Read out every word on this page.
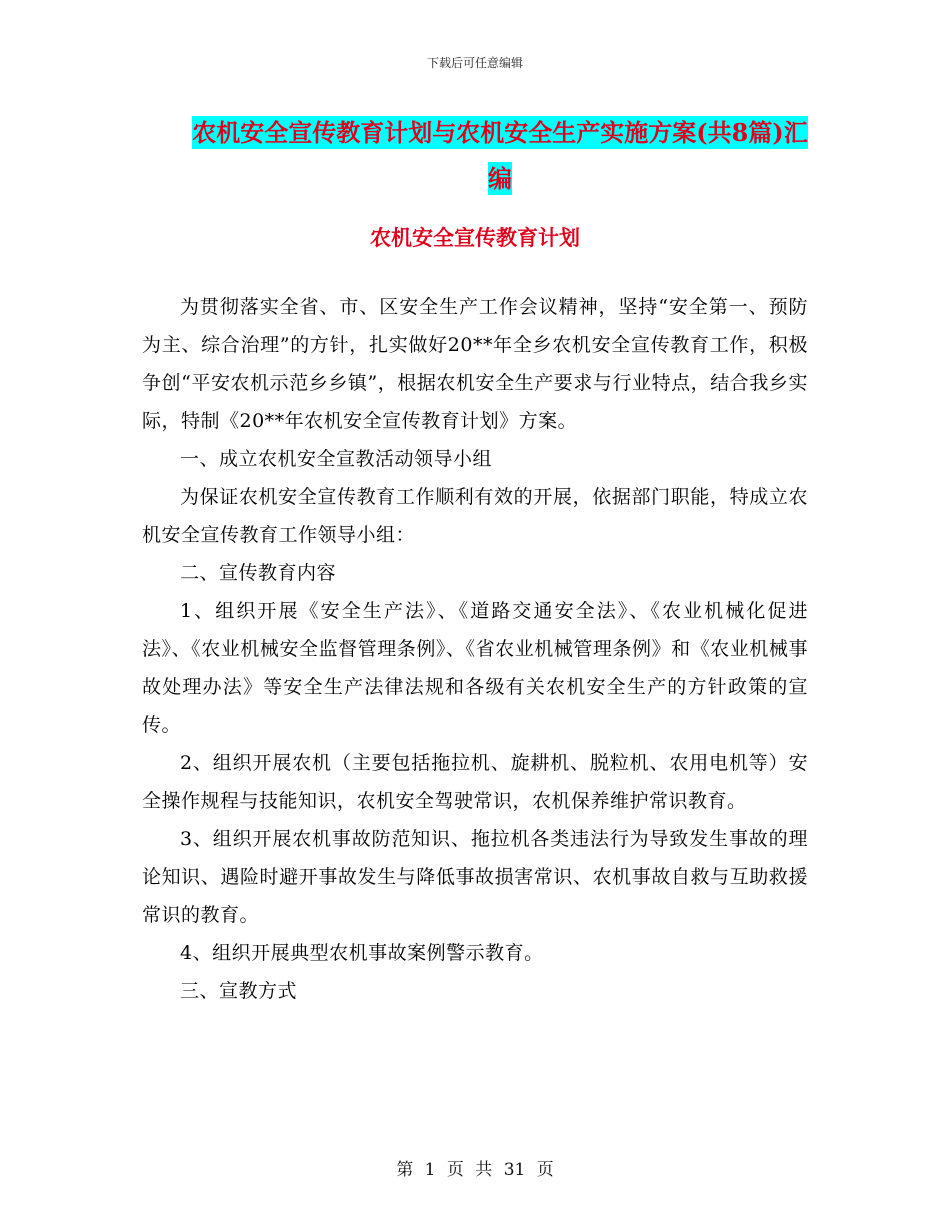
下载后可任意编辑
农机安全宣传教育计划与农机安全生产实施方案(共8篇)汇编
农机安全宣传教育计划

为贯彻落实全省、市、区安全生产工作会议精神，坚持“安全第一、预防为主、综合治理”的方针，扎实做好20**年全乡农机安全宣传教育工作，积极争创“平安农机示范乡乡镇”，根据农机安全生产要求与行业特点，结合我乡实际，特制《20**年农机安全宣传教育计划》方案。

一、成立农机安全宣教活动领导小组

为保证农机安全宣传教育工作顺利有效的开展，依据部门职能，特成立农机安全宣传教育工作领导小组：

二、宣传教育内容

1、组织开展《安全生产法》、《道路交通安全法》、《农业机械化促进法》、《农业机械安全监督管理条例》、《省农业机械管理条例》和《农业机械事故处理办法》等安全生产法律法规和各级有关农机安全生产的方针政策的宣传。

2、组织开展农机（主要包括拖拉机、旋耕机、脱粒机、农用电机等）安全操作规程与技能知识，农机安全驾驶常识，农机保养维护常识教育。

3、组织开展农机事故防范知识、拖拉机各类违法行为导致发生事故的理论知识、遇险时避开事故发生与降低事故损害常识、农机事故自救与互助救援常识的教育。

4、组织开展典型农机事故案例警示教育。

三、宣教方式

第 1 页 共 31 页
